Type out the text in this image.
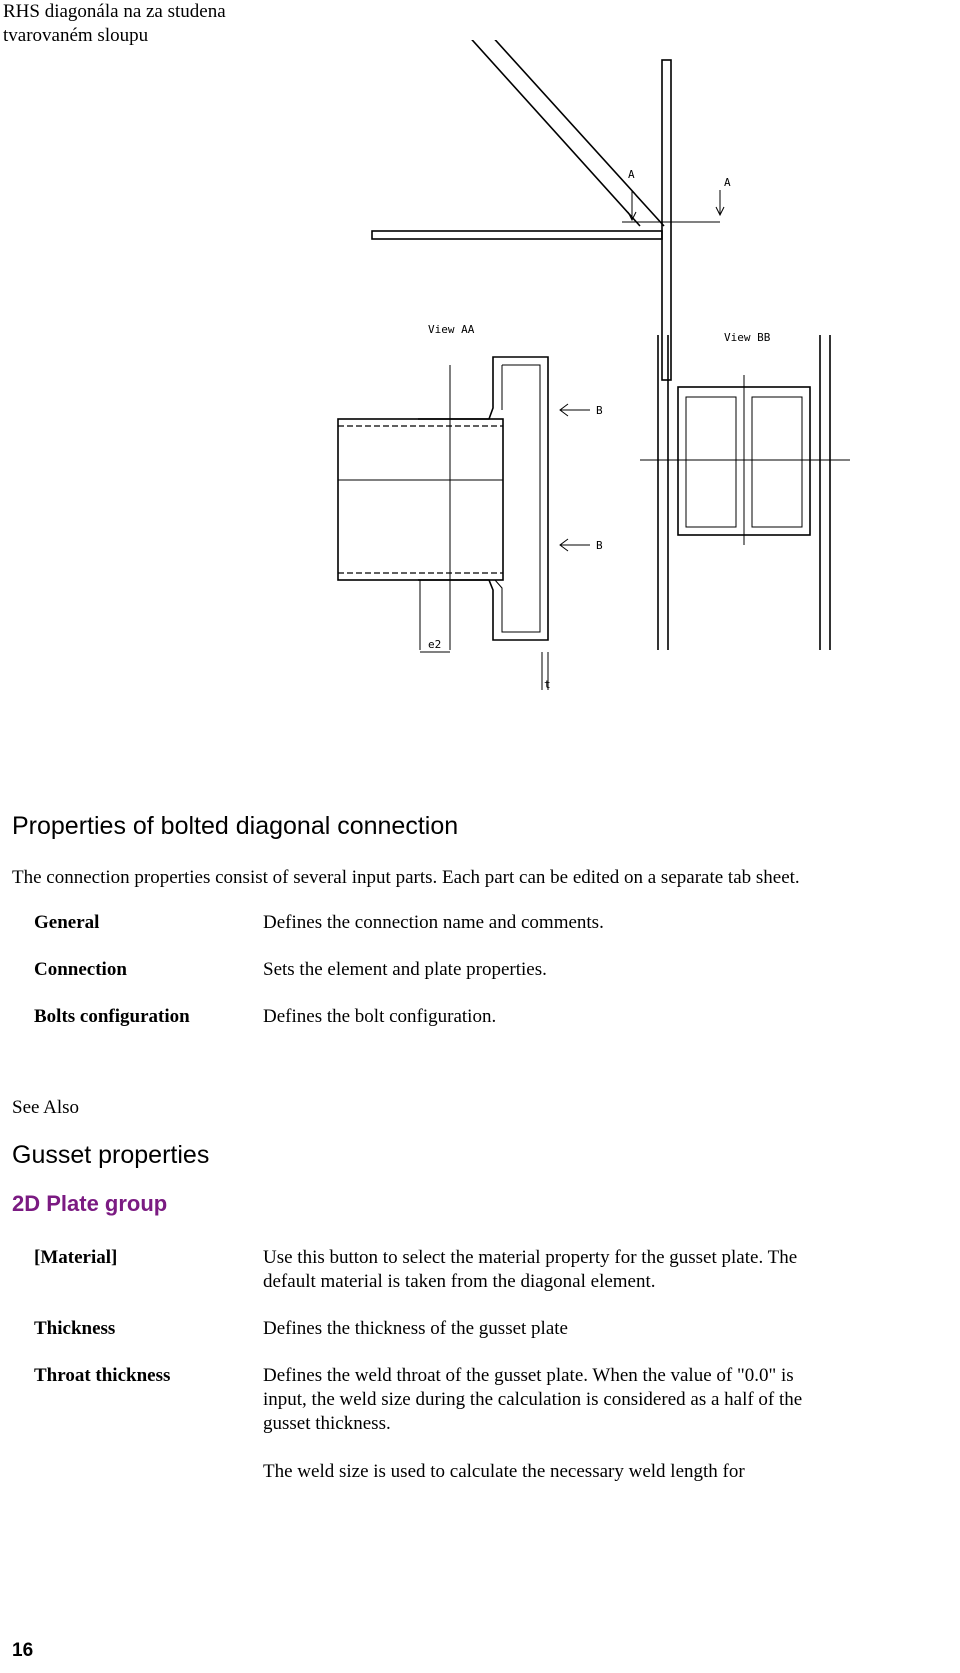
RHS diagonála na za studena
tvarovaném sloupu
A
A
View AA
e2
t
B
B
View BB
Properties of bolted diagonal connection

The connection properties consist of several input parts. Each part can be edited on a separate tab sheet.

General	Defines the connection name and comments.
Connection	Sets the element and plate properties.
Bolts configuration	Defines the bolt configuration.

See Also

Gusset properties
2D Plate group
[Material]	Use this button to select the material property for the gusset plate. The default material is taken from the diagonal element.
Thickness	Defines the thickness of the gusset plate
Throat thickness	Defines the weld throat of the gusset plate. When the value of "0.0" is input, the weld size during the calculation is considered as a half of the gusset thickness.
The weld size is used to calculate the necessary weld length for
16
